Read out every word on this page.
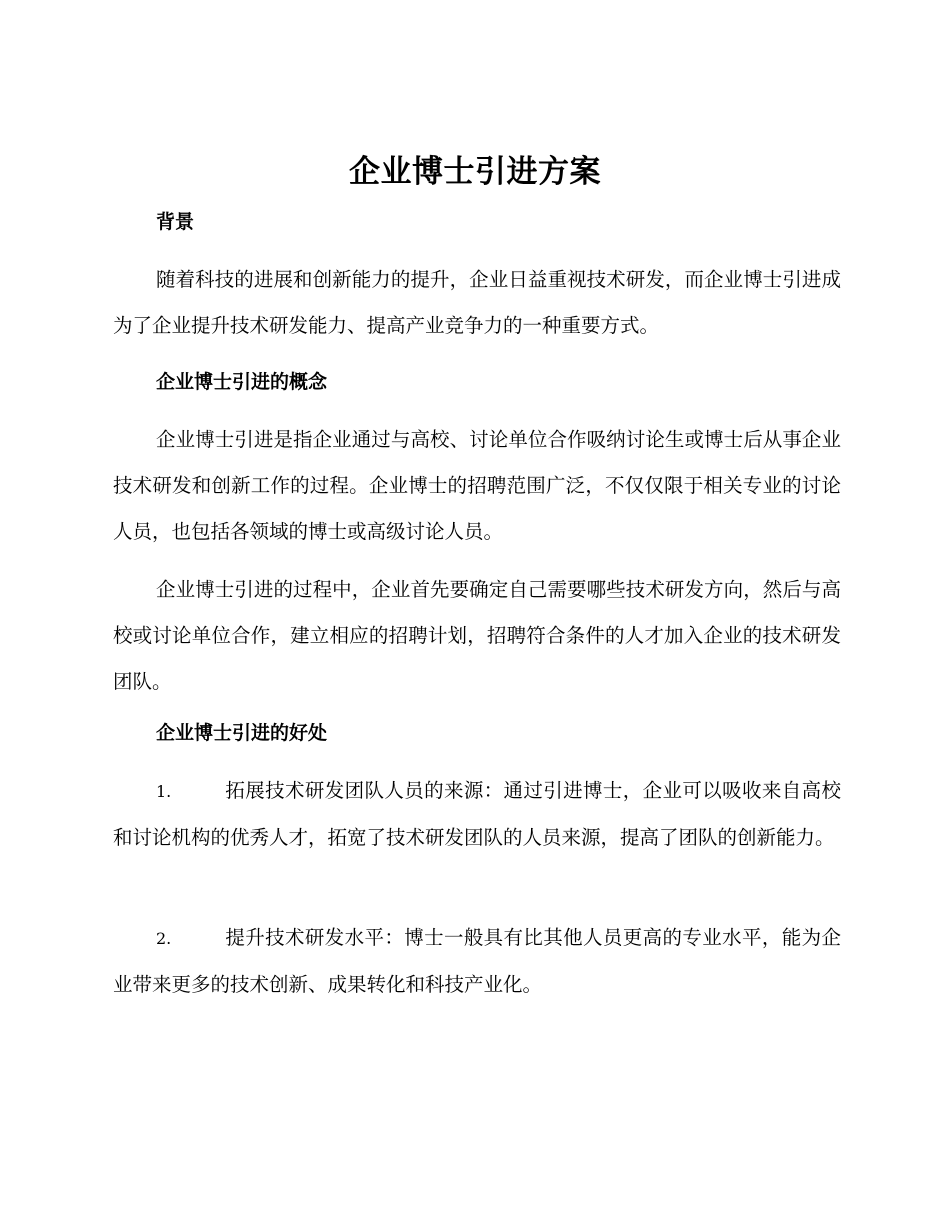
企业博士引进方案
背景
随着科技的进展和创新能力的提升，企业日益重视技术研发，而企业博士引进成为了企业提升技术研发能力、提高产业竞争力的一种重要方式。
企业博士引进的概念
企业博士引进是指企业通过与高校、讨论单位合作吸纳讨论生或博士后从事企业技术研发和创新工作的过程。企业博士的招聘范围广泛，不仅仅限于相关专业的讨论人员，也包括各领域的博士或高级讨论人员。
企业博士引进的过程中，企业首先要确定自己需要哪些技术研发方向，然后与高校或讨论单位合作，建立相应的招聘计划，招聘符合条件的人才加入企业的技术研发团队。
企业博士引进的好处
1.	拓展技术研发团队人员的来源：通过引进博士，企业可以吸收来自高校和讨论机构的优秀人才，拓宽了技术研发团队的人员来源，提高了团队的创新能力。
2.	提升技术研发水平：博士一般具有比其他人员更高的专业水平，能为企业带来更多的技术创新、成果转化和科技产业化。
